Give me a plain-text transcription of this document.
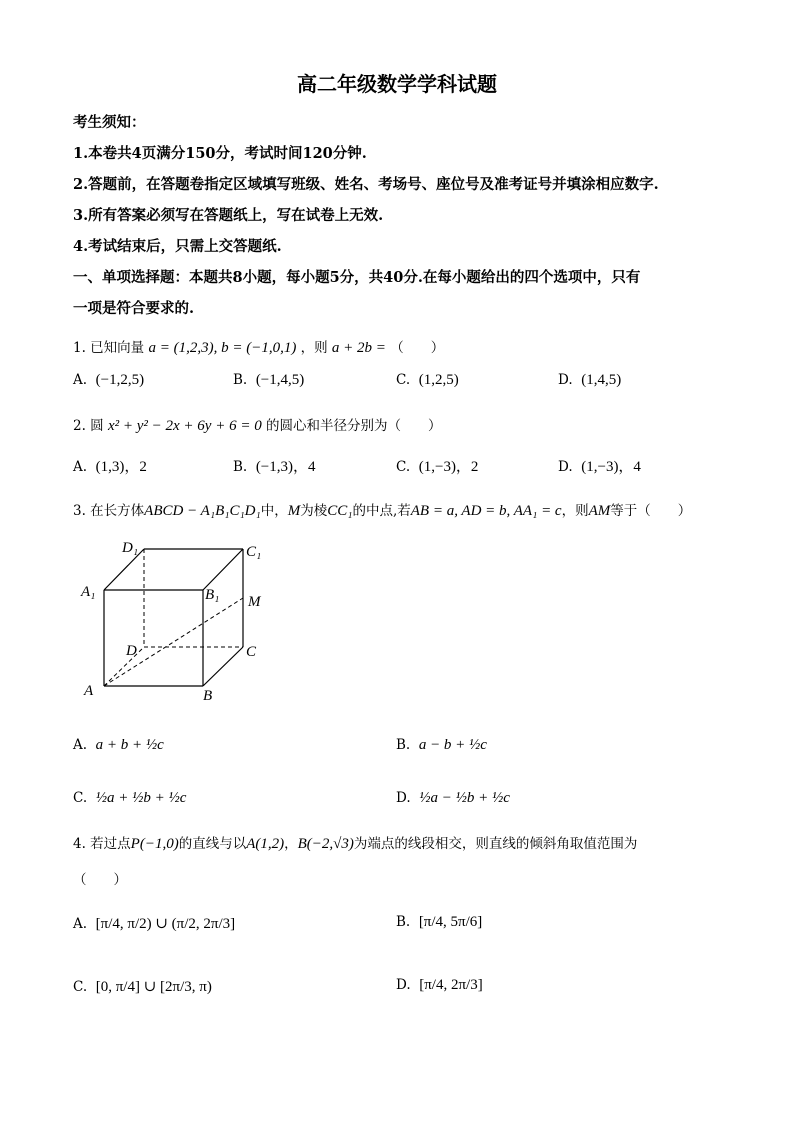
高二年级数学学科试题
考生须知：
1.本卷共4页满分150分，考试时间120分钟.
2.答题前，在答题卷指定区域填写班级、姓名、考场号、座位号及准考证号并填涂相应数字.
3.所有答案必须写在答题纸上，写在试卷上无效.
4.考试结束后，只需上交答题纸.
一、单项选择题：本题共8小题，每小题5分，共40分.在每小题给出的四个选项中，只有
一项是符合要求的.
1. 已知向量 a = (1,2,3), b = (−1,0,1) ，则 a + 2b = （　　）
A. (−1,2,5)	B. (−1,4,5)	C. (1,2,5)	D. (1,4,5)
2. 圆 x² + y² − 2x + 6y + 6 = 0 的圆心和半径分别为（　　）
A. (1,3)，2	B. (−1,3)，4	C. (1,−3)，2	D. (1,−3)，4
3. 在长方体ABCD − A₁B₁C₁D₁中，M为棱CC₁的中点,若AB = a, AD = b, AA₁ = c，则AM等于（　　）
D₁	C₁
A₁	B₁ M
D	C
A	B
A. a + b + ½c	B. a − b + ½c
C. ½a + ½b + ½c	D. ½a − ½b + ½c
4. 若过点P(−1,0)的直线与以A(1,2)，B(−2,√3)为端点的线段相交，则直线的倾斜角取值范围为
（　　）
A. [π/4, π/2) ∪ (π/2, 2π/3]	B. [π/4, 5π/6]
C. [0, π/4] ∪ [2π/3, π)	D. [π/4, 2π/3]
